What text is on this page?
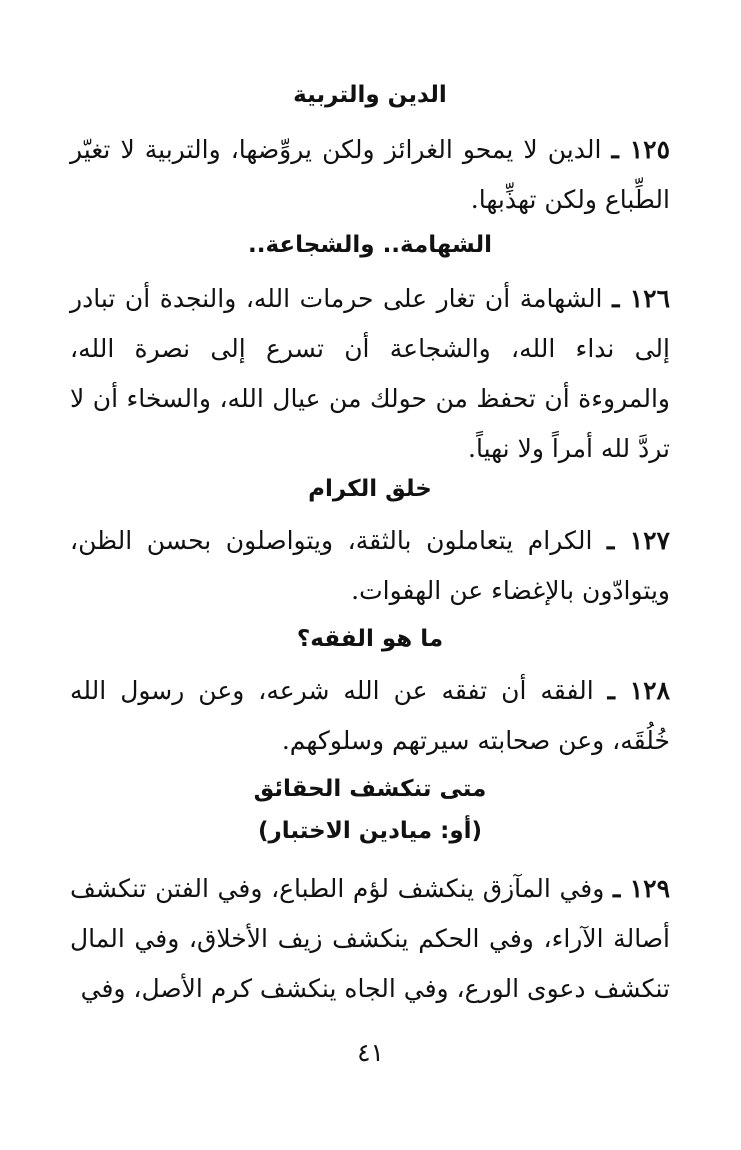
الدين والتربية
١٢٥ ـ الدين لا يمحو الغرائز ولكن يروِّضها، والتربية لا تغيّر الطِّباع ولكن تهذِّبها.
الشهامة.. والشجاعة..
١٢٦ ـ الشهامة أن تغار على حرمات الله، والنجدة أن تبادر إلى نداء الله، والشجاعة أن تسرع إلى نصرة الله، والمروءة أن تحفظ من حولك من عيال الله، والسخاء أن لا تردَّ لله أمراً ولا نهياً.
خلق الكرام
١٢٧ ـ الكرام يتعاملون بالثقة، ويتواصلون بحسن الظن، ويتوادّون بالإغضاء عن الهفوات.
ما هو الفقه؟
١٢٨ ـ الفقه أن تفقه عن الله شرعه، وعن رسول الله خُلُقَه، وعن صحابته سيرتهم وسلوكهم.
متى تنكشف الحقائق
(أو: ميادين الاختبار)
١٢٩ ـ وفي المآزق ينكشف لؤم الطباع، وفي الفتن تنكشف أصالة الآراء، وفي الحكم ينكشف زيف الأخلاق، وفي المال تنكشف دعوى الورع، وفي الجاه ينكشف كرم الأصل، وفي
٤١
